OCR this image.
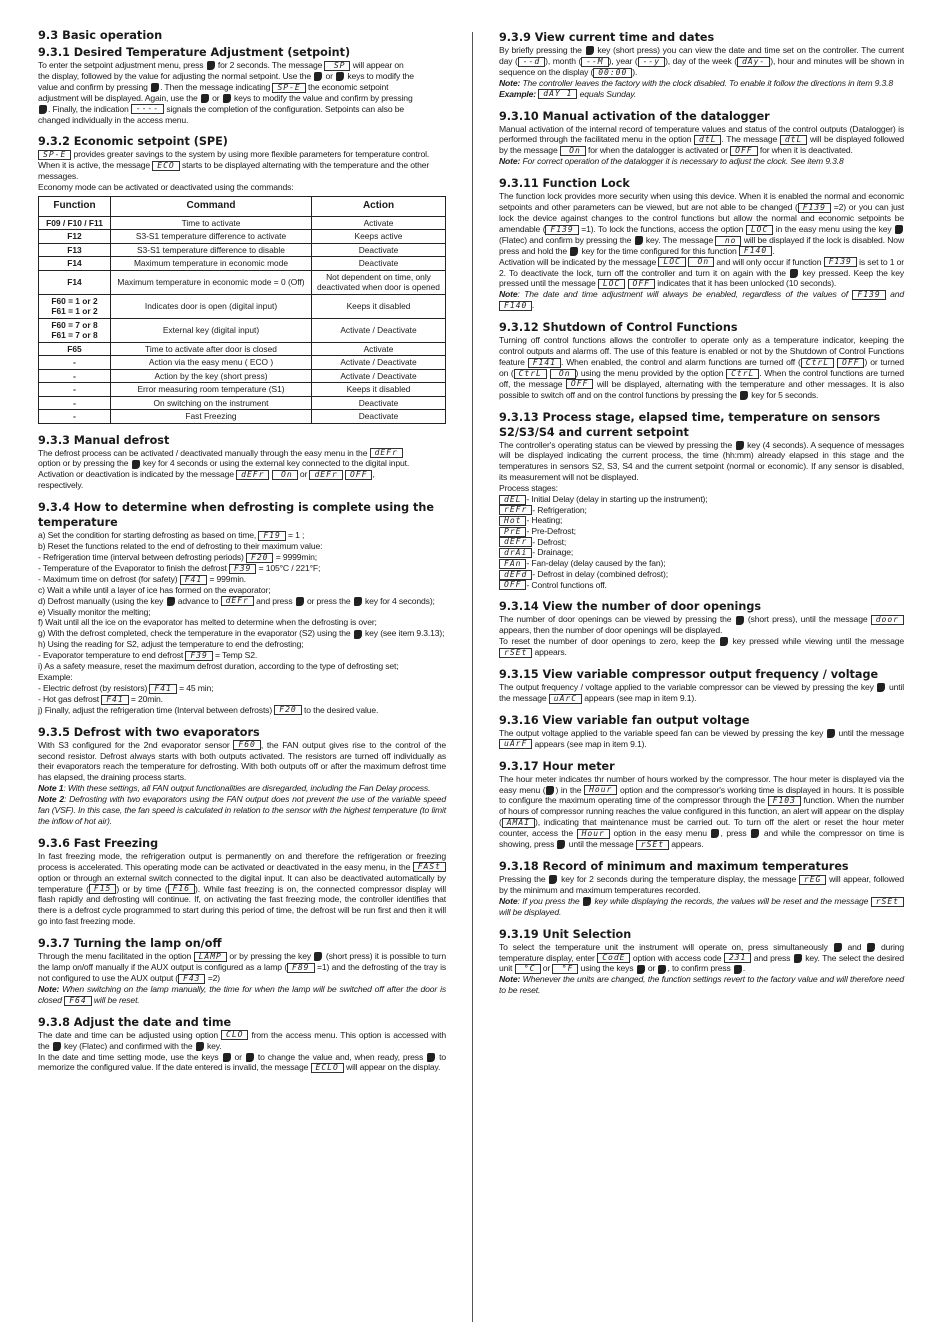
9.3 Basic operation
9.3.1 Desired Temperature Adjustment (setpoint)
To enter the setpoint adjustment menu, press  for 2 seconds. The message SP will appear on
the display, followed by the value for adjusting the normal setpoint. Use the  or  keys to modify the
value and confirm by pressing . Then the message indicating SP-E the economic setpoint
adjustment will be displayed. Again, use the  or  keys to modify the value and confirm by pressing
. Finally, the indication ---- signals the completion of the configuration. Setpoints can also be
changed individually in the access menu.
9.3.2 Economic setpoint (SPE)
SP-E provides greater savings to the system by using more flexible parameters for temperature control.
When it is active, the message ECO starts to be displayed alternating with the temperature and the other messages.
Economy mode can be activated or deactivated using the commands:
Function	Command	Action
F09 / F10 / F11	Time to activate	Activate
F12	S3-S1 temperature difference to activate	Keeps active
F13	S3-S1 temperature difference to disable	Deactivate
F14	Maximum temperature in economic mode	Deactivate
F14	Maximum temperature in economic mode = 0 (Off)	Not dependent on time, only deactivated when door is opened
F60 = 1 or 2
F61 = 1 or 2	Indicates door is open (digital input)	Keeps it disabled
F60 = 7 or 8
F61 = 7 or 8	External key (digital input)	Activate / Deactivate
F65	Time to activate after door is closed	Activate
-	Action via the easy menu ( ECO )	Activate / Deactivate
-	Action by the key (short press)	Activate / Deactivate
-	Error measuring room temperature (S1)	Keeps it disabled
-	On switching on the instrument	Deactivate
-	Fast Freezing	Deactivate
9.3.3 Manual defrost
The defrost process can be activated / deactivated manually through the easy menu in the dEFr
option or by pressing the  key for 4 seconds or using the external key connected to the digital input.
Activation or deactivation is indicated by the message dEFr On or dEFr OFF ,
respectively.
9.3.4 How to determine when defrosting is complete using the temperature
a) Set the condition for starting defrosting as based on time, F19 = 1 ;
b) Reset the functions related to the end of defrosting to their maximum value:
- Refrigeration time (interval between defrosting periods) F20 = 9999min;
- Temperature of the Evaporator to finish the defrost F39 = 105°C / 221°F;
- Maximum time on defrost (for safety) F41 = 999min.
c) Wait a while until a layer of ice has formed on the evaporator;
d) Defrost manually (using the key  advance to dEFr and press  or press the  key for 4 seconds);
e) Visually monitor the melting;
f) Wait until all the ice on the evaporator has melted to determine when the defrosting is over;
g) With the defrost completed, check the temperature in the evaporator (S2) using the  key (see item 9.3.13);
h) Using the reading for S2, adjust the temperature to end the defrosting;
- Evaporator temperature to end defrost F39 = Temp S2.
i) As a safety measure, reset the maximum defrost duration, according to the type of defrosting set;
Example:
- Electric defrost (by resistors) F41 = 45 min;
- Hot gas defrost F41 = 20min.
j) Finally, adjust the refrigeration time (Interval between defrosts) F20 to the desired value.
9.3.5 Defrost with two evaporators

With S3 configured for the 2nd evaporator sensor F60 , the FAN output gives rise to the control of the second resistor. Defrost always starts with both outputs activated. The resistors are turned off individually as their evaporators reach the temperature for defrosting. With both outputs off or after the maximum defrost time has elapsed, the draining process starts.

Note 1: With these settings, all FAN output functionalities are disregarded, including the Fan Delay process.

Note 2: Defrosting with two evaporators using the FAN output does not prevent the use of the variable speed fan (VSF). In this case, the fan speed is calculated in relation to the sensor with the highest temperature (to limit the inflow of hot air).

9.3.6 Fast Freezing

In fast freezing mode, the refrigeration output is permanently on and therefore the refrigeration or freezing process is accelerated. This operating mode can be activated or deactivated in the easy menu, in the FASt option or through an external switch connected to the digital input. It can also be deactivated automatically by temperature ( F15 ) or by time ( F16 ). While fast freezing is on, the connected compressor display will flash rapidly and defrosting will continue. If, on activating the fast freezing mode, the controller identifies that there is a defrost cycle programmed to start during this period of time, the defrost will be run first and then it will go into fast freezing mode.

9.3.7 Turning the lamp on/off

Through the menu facilitated in the option LAMP or by pressing the key  (short press) it is possible to turn the lamp on/off manually if the AUX output is configured as a lamp ( F89 =1) and the defrosting of the tray is not configured to use the AUX output ( F43 =2)

Note: When switching on the lamp manually, the time for when the lamp will be switched off after the door is closed F64 will be reset.

9.3.8 Adjust the date and time

The date and time can be adjusted using option CLO from the access menu. This option is accessed with the  key (Flatec) and confirmed with the  key.

In the date and time setting mode, use the keys  or  to change the value and, when ready, press  to memorize the configured value. If the date entered is invalid, the message ECLO will appear on the display.

9.3.9 View current time and dates

By briefly pressing the  key (short press) you can view the date and time set on the controller. The current day ( --d ), month ( --M ), year ( --y ), day of the week ( dAy- ), hour and minutes will be shown in sequence on the display ( 00:00 ).

Note: The controller leaves the factory with the clock disabled. To enable it follow the directions in item 9.3.8

Example: dAY 1 equals Sunday.

9.3.10 Manual activation of the datalogger

Manual activation of the internal record of temperature values and status of the control outputs (Datalogger) is performed through the facilitated menu in the option dtL . The message dtL will be displayed followed by the message On for when the datalogger is activated or OFF for when it is deactivated.

Note: For correct operation of the datalogger it is necessary to adjust the clock. See item 9.3.8

9.3.11 Function Lock

The function lock provides more security when using this device. When it is enabled the normal and economic setpoints and other parameters can be viewed, but are not able to be changed ( F139 =2) or you can just lock the device against changes to the control functions but allow the normal and economic setpoints be amendable ( F139 =1). To lock the functions, access the option LOC in the easy menu using the key  (Flatec) and confirm by pressing the  key. The message no will be displayed if the lock is disabled. Now press and hold the  key for the time configured for this function F140 .

Activation will be indicated by the message LOC On and will only occur if function F139 is set to 1 or 2. To deactivate the lock, turn off the controller and turn it on again with the  key pressed. Keep the key pressed until the message LOC OFF indicates that it has been unlocked (10 seconds).

Note: The date and time adjustment will always be enabled, regardless of the values of F139 and F140 .

9.3.12 Shutdown of Control Functions

Turning off control functions allows the controller to operate only as a temperature indicator, keeping the control outputs and alarms off. The use of this feature is enabled or not by the Shutdown of Control Functions feature F141 . When enabled, the control and alarm functions are turned off ( CtrL OFF ) or turned on ( CtrL On ) using the menu provided by the option CtrL . When the control functions are turned off, the message OFF will be displayed, alternating with the temperature and other messages. It is also possible to switch off and on the control functions by pressing the  key for 5 seconds.

9.3.13 Process stage, elapsed time, temperature on sensors S2/S3/S4 and current setpoint

The controller's operating status can be viewed by pressing the  key (4 seconds). A sequence of messages will be displayed indicating the current process, the time (hh:mm) already elapsed in this stage and the temperatures in sensors S2, S3, S4 and the current setpoint (normal or economic). If any sensor is disabled, its measurement will not be displayed.

Process stages:
dEL - Initial Delay (delay in starting up the instrument);
rEFr - Refrigeration;
Hot - Heating;
PrE - Pre-Defrost;
dEFr - Defrost;
drAi - Drainage;
FAn - Fan-delay (delay caused by the fan);
dEFd - Defrost in delay (combined defrost);
OFF - Control functions off.
9.3.14 View the number of door openings

The number of door openings can be viewed by pressing the  (short press), until the message door appears, then the number of door openings will be displayed.

To reset the number of door openings to zero, keep the  key pressed while viewing until the message rSEt appears.

9.3.15 View variable compressor output frequency / voltage

The output frequency / voltage applied to the variable compressor can be viewed by pressing the key  until the message uArC appears (see map in item 9.1).

9.3.16 View variable fan output voltage

The output voltage applied to the variable speed fan can be viewed by pressing the key  until the message uArF appears (see map in item 9.1).

9.3.17 Hour meter

The hour meter indicates thr number of hours worked by the compressor. The hour meter is displayed via the easy menu ( ) in the Hour option and the compressor's working time is displayed in hours. It is possible to configure the maximum operating time of the compressor through the F103 function. When the number of hours of compressor running reaches the value configured in this function, an alert will appear on the display ( AMAI ), indicating that maintenance must be carried out. To turn off the alert or reset the hour meter counter, access the Hour option in the easy menu , press  and while the compressor on time is showing, press  until the message rSEt appears.

9.3.18 Record of minimum and maximum temperatures

Pressing the  key for 2 seconds during the temperature display, the message rEG will appear, followed by the minimum and maximum temperatures recorded.

Note: If you press the  key while displaying the records, the values will be reset and the message rSEt will be displayed.

9.3.19 Unit Selection

To select the temperature unit the instrument will operate on, press simultaneously  and  during temperature display, enter CodE option with access code 231 and press  key. The select the desired unit °C or °F using the keys  or , to confirm press .

Note: Whenever the units are changed, the function settings revert to the factory value and will therefore need to be reset.
